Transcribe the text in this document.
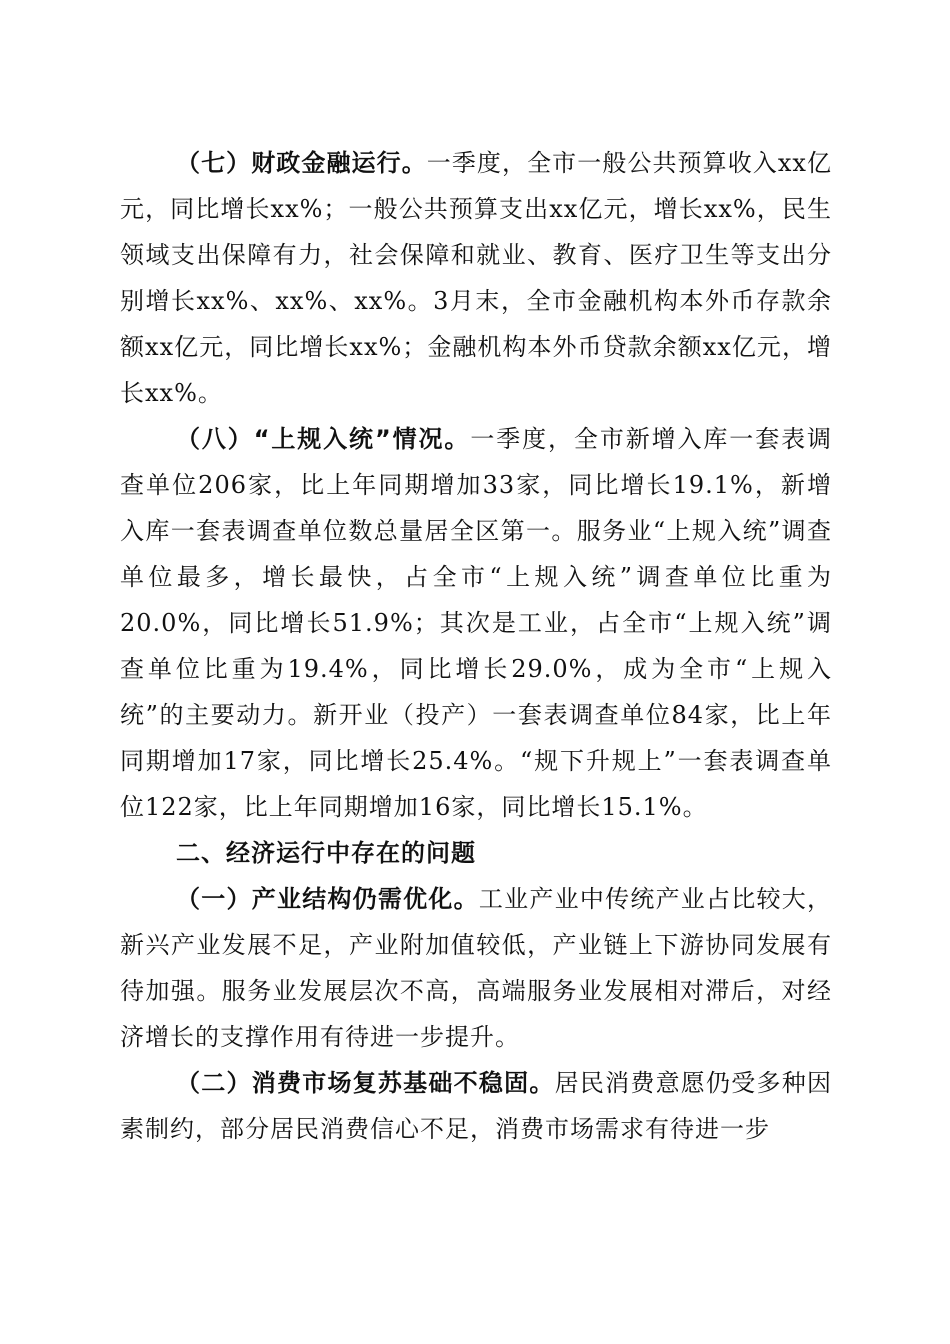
（七）财政金融运行。一季度，全市一般公共预算收入xx亿元，同比增长xx%；一般公共预算支出xx亿元，增长xx%，民生领域支出保障有力，社会保障和就业、教育、医疗卫生等支出分别增长xx%、xx%、xx%。3月末，全市金融机构本外币存款余额xx亿元，同比增长xx%；金融机构本外币贷款余额xx亿元，增长xx%。

（八）“上规入统”情况。一季度，全市新增入库一套表调查单位206家，比上年同期增加33家，同比增长19.1%，新增入库一套表调查单位数总量居全区第一。服务业“上规入统”调查单位最多，增长最快，占全市“上规入统”调查单位比重为20.0%，同比增长51.9%；其次是工业，占全市“上规入统”调查单位比重为19.4%，同比增长29.0%，成为全市“上规入统”的主要动力。新开业（投产）一套表调查单位84家，比上年同期增加17家，同比增长25.4%。“规下升规上”一套表调查单位122家，比上年同期增加16家，同比增长15.1%。

二、经济运行中存在的问题

（一）产业结构仍需优化。工业产业中传统产业占比较大，新兴产业发展不足，产业附加值较低，产业链上下游协同发展有待加强。服务业发展层次不高，高端服务业发展相对滞后，对经济增长的支撑作用有待进一步提升。

（二）消费市场复苏基础不稳固。居民消费意愿仍受多种因素制约，部分居民消费信心不足，消费市场需求有待进一步
